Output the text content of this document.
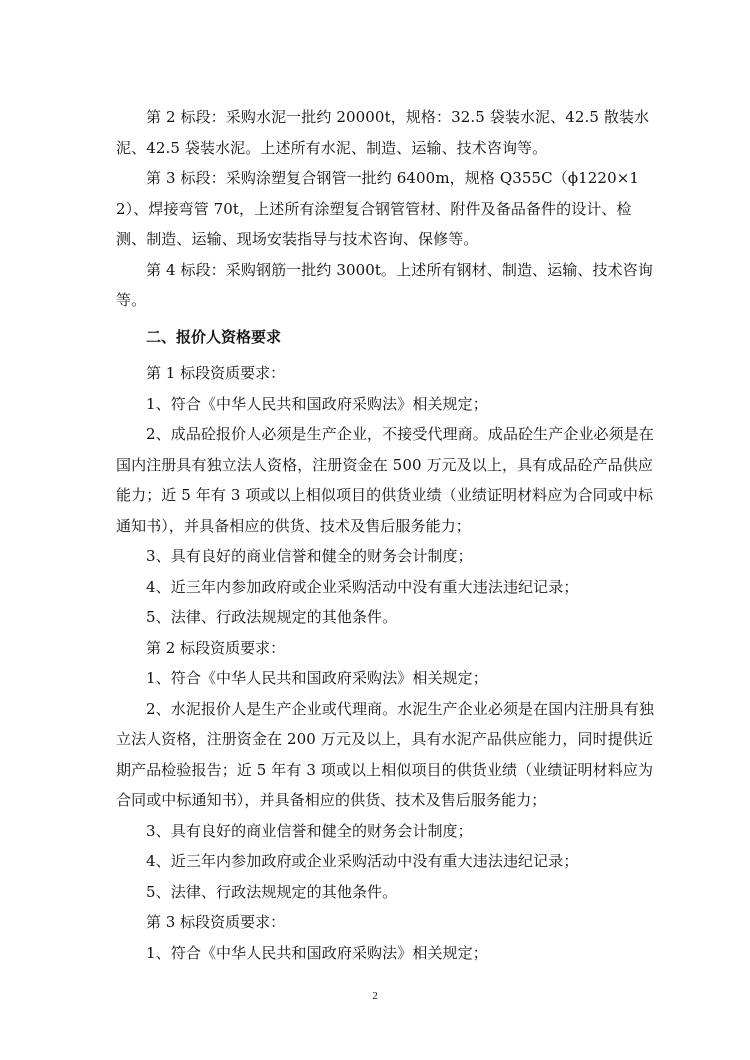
第 2 标段：采购水泥一批约 20000t，规格：32.5 袋装水泥、42.5 散装水泥、42.5 袋装水泥。上述所有水泥、制造、运输、技术咨询等。

第 3 标段：采购涂塑复合钢管一批约 6400m，规格 Q355C（ϕ1220×12）、焊接弯管 70t，上述所有涂塑复合钢管管材、附件及备品备件的设计、检测、制造、运输、现场安装指导与技术咨询、保修等。

第 4 标段：采购钢筋一批约 3000t。上述所有钢材、制造、运输、技术咨询等。

二、报价人资格要求

第 1 标段资质要求：

1、符合《中华人民共和国政府采购法》相关规定；

2、成品砼报价人必须是生产企业，不接受代理商。成品砼生产企业必须是在国内注册具有独立法人资格，注册资金在 500 万元及以上，具有成品砼产品供应能力；近 5 年有 3 项或以上相似项目的供货业绩（业绩证明材料应为合同或中标通知书），并具备相应的供货、技术及售后服务能力；

3、具有良好的商业信誉和健全的财务会计制度；

4、近三年内参加政府或企业采购活动中没有重大违法违纪记录；

5、法律、行政法规规定的其他条件。

第 2 标段资质要求：

1、符合《中华人民共和国政府采购法》相关规定；

2、水泥报价人是生产企业或代理商。水泥生产企业必须是在国内注册具有独立法人资格，注册资金在 200 万元及以上，具有水泥产品供应能力，同时提供近期产品检验报告；近 5 年有 3 项或以上相似项目的供货业绩（业绩证明材料应为合同或中标通知书），并具备相应的供货、技术及售后服务能力；

3、具有良好的商业信誉和健全的财务会计制度；

4、近三年内参加政府或企业采购活动中没有重大违法违纪记录；

5、法律、行政法规规定的其他条件。

第 3 标段资质要求：

1、符合《中华人民共和国政府采购法》相关规定；

2
